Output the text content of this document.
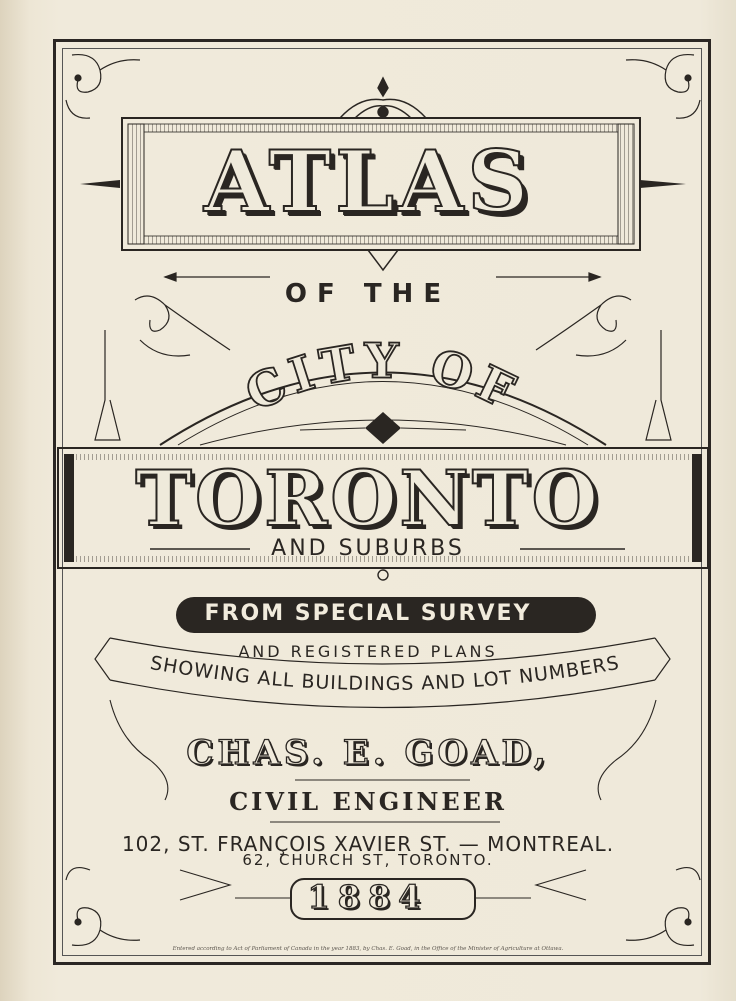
CITY OF
SHOWING ALL BUILDINGS AND LOT NUMBERS
ATLAS
OF THE
TORONTO
AND SUBURBS
FROM SPECIAL SURVEY
AND REGISTERED PLANS
CHAS. E. GOAD,
CIVIL ENGINEER
102, ST. FRANÇOIS XAVIER ST. — MONTREAL.
62, CHURCH ST, TORONTO.
1884
Entered according to Act of Parliament of Canada in the year 1883, by Chas. E. Goad, in the Office of the Minister of Agriculture at Ottawa.
